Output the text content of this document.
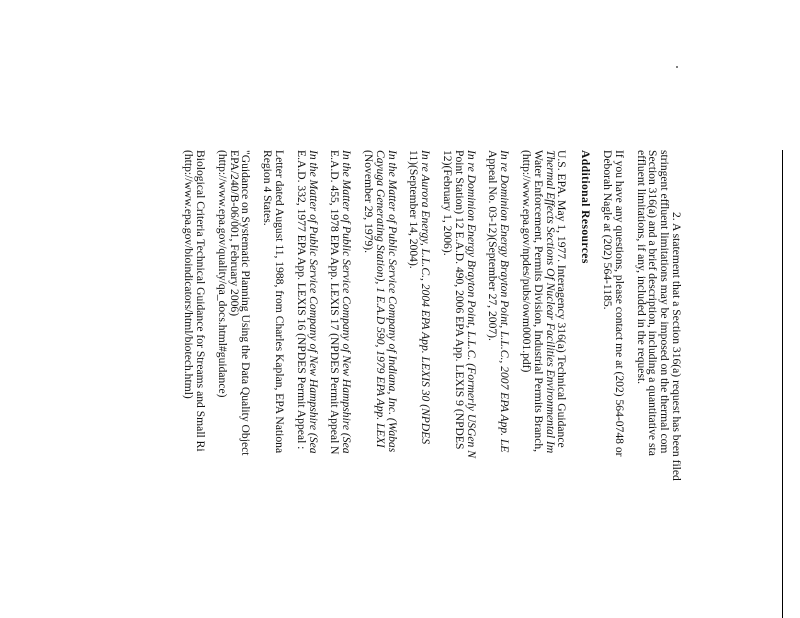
2. A statement that a Section 316(a) request has been filed
stringent effluent limitations may be imposed on the thermal com
Section 316(a) and a brief description, including a quantitative sta
effluent limitations, if any, included in the request.
If you have any questions, please contact me at (202) 564-0748 or
Deborah Nagle at (202) 564-1185.
Additional Resources
U.S. EPA. May 1, 1977. Interagency 316(a) Technical Guidance
Thermal Effects Sections Of Nuclear Facilities Environmental Im
Water Enforcement, Permits Division, Industrial Permits Branch,
(http://www.epa.gov/npdes/pubs/owm0001.pdf)
In re Dominion Energy Brayton Point, L.L.C., 2007 EPA App. LE
Appeal No. 03-12)(September 27, 2007).
In re Dominion Energy Brayton Point, L.L.C. (Formerly USGen N
Point Station) 12 E.A.D. 490, 2006 EPA App. LEXIS 9 (NPDES
12)(February 1, 2006).
In re Aurora Energy, L.L.C., 2004 EPA App. LEXIS 30 (NPDES
11)(September 14, 2004).
In the Matter of Public Service Company of Indiana, Inc. (Wabas
Cayuga Generating Station), 1 E.A.D 590, 1979 EPA App. LEXI
(November 29, 1979).
In the Matter of Public Service Company of New Hampshire (Sea
E.A.D. 455, 1978 EPA App. LEXIS 17 (NPDES Permit Appeal N
In the Matter of Public Service Company of New Hampshire (Sea
E.A.D. 332, 1977 EPA App. LEXIS 16 (NPDES Permit Appeal :
Letter dated August 11, 1988, from Charles Kaplan, EPA Nationa
Region 4 States.
"Guidance on Systematic Planning Using the Data Quality Object
EPA/240/B-06/001, February 2006)
(http://www.epa.gov/quality/qa_docs.html#guidance)
Biological Criteria Technical Guidance for Streams and Small Ri
(http://www.epa.gov/bioindicators/html/biotech.html)
